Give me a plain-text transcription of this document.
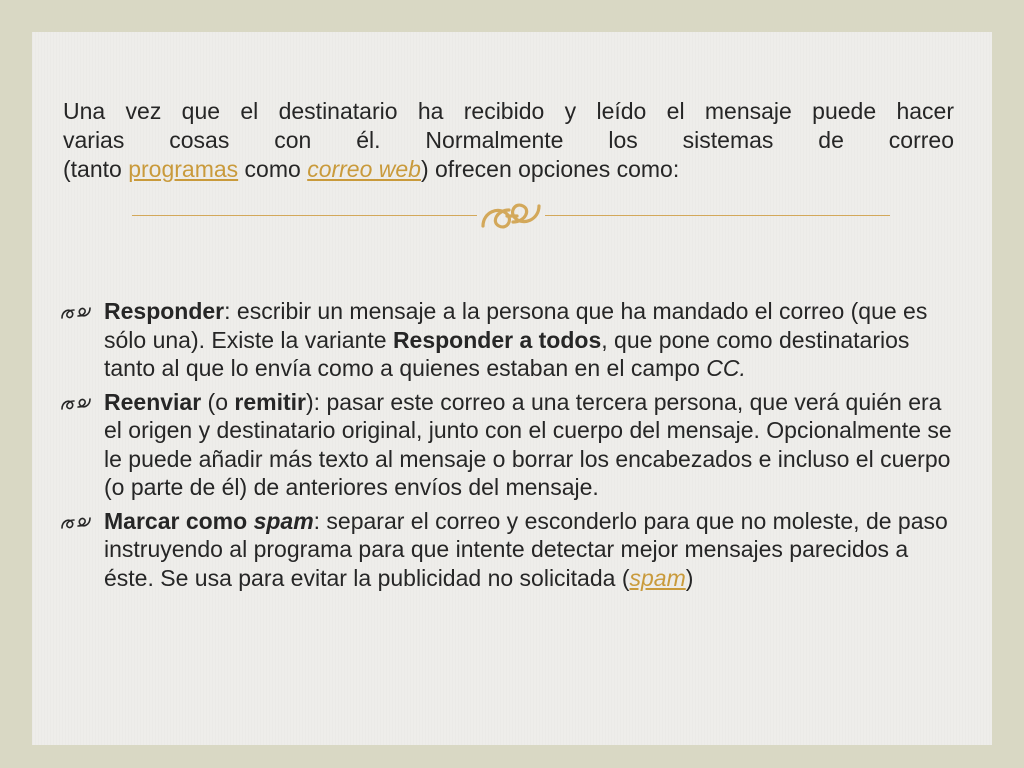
Una vez que el destinatario ha recibido y leído el mensaje puede hacer
varias cosas con él. Normalmente los sistemas de correo
(tanto programas como correo web) ofrecen opciones como:
Responder: escribir un mensaje a la persona que ha mandado el correo (que es sólo una). Existe la variante Responder a todos, que pone como destinatarios tanto al que lo envía como a quienes estaban en el campo CC.
Reenviar (o remitir): pasar este correo a una tercera persona, que verá quién era el origen y destinatario original, junto con el cuerpo del mensaje. Opcionalmente se le puede añadir más texto al mensaje o borrar los encabezados e incluso el cuerpo (o parte de él) de anteriores envíos del mensaje.
Marcar como spam: separar el correo y esconderlo para que no moleste, de paso instruyendo al programa para que intente detectar mejor mensajes parecidos a éste. Se usa para evitar la publicidad no solicitada (spam)
